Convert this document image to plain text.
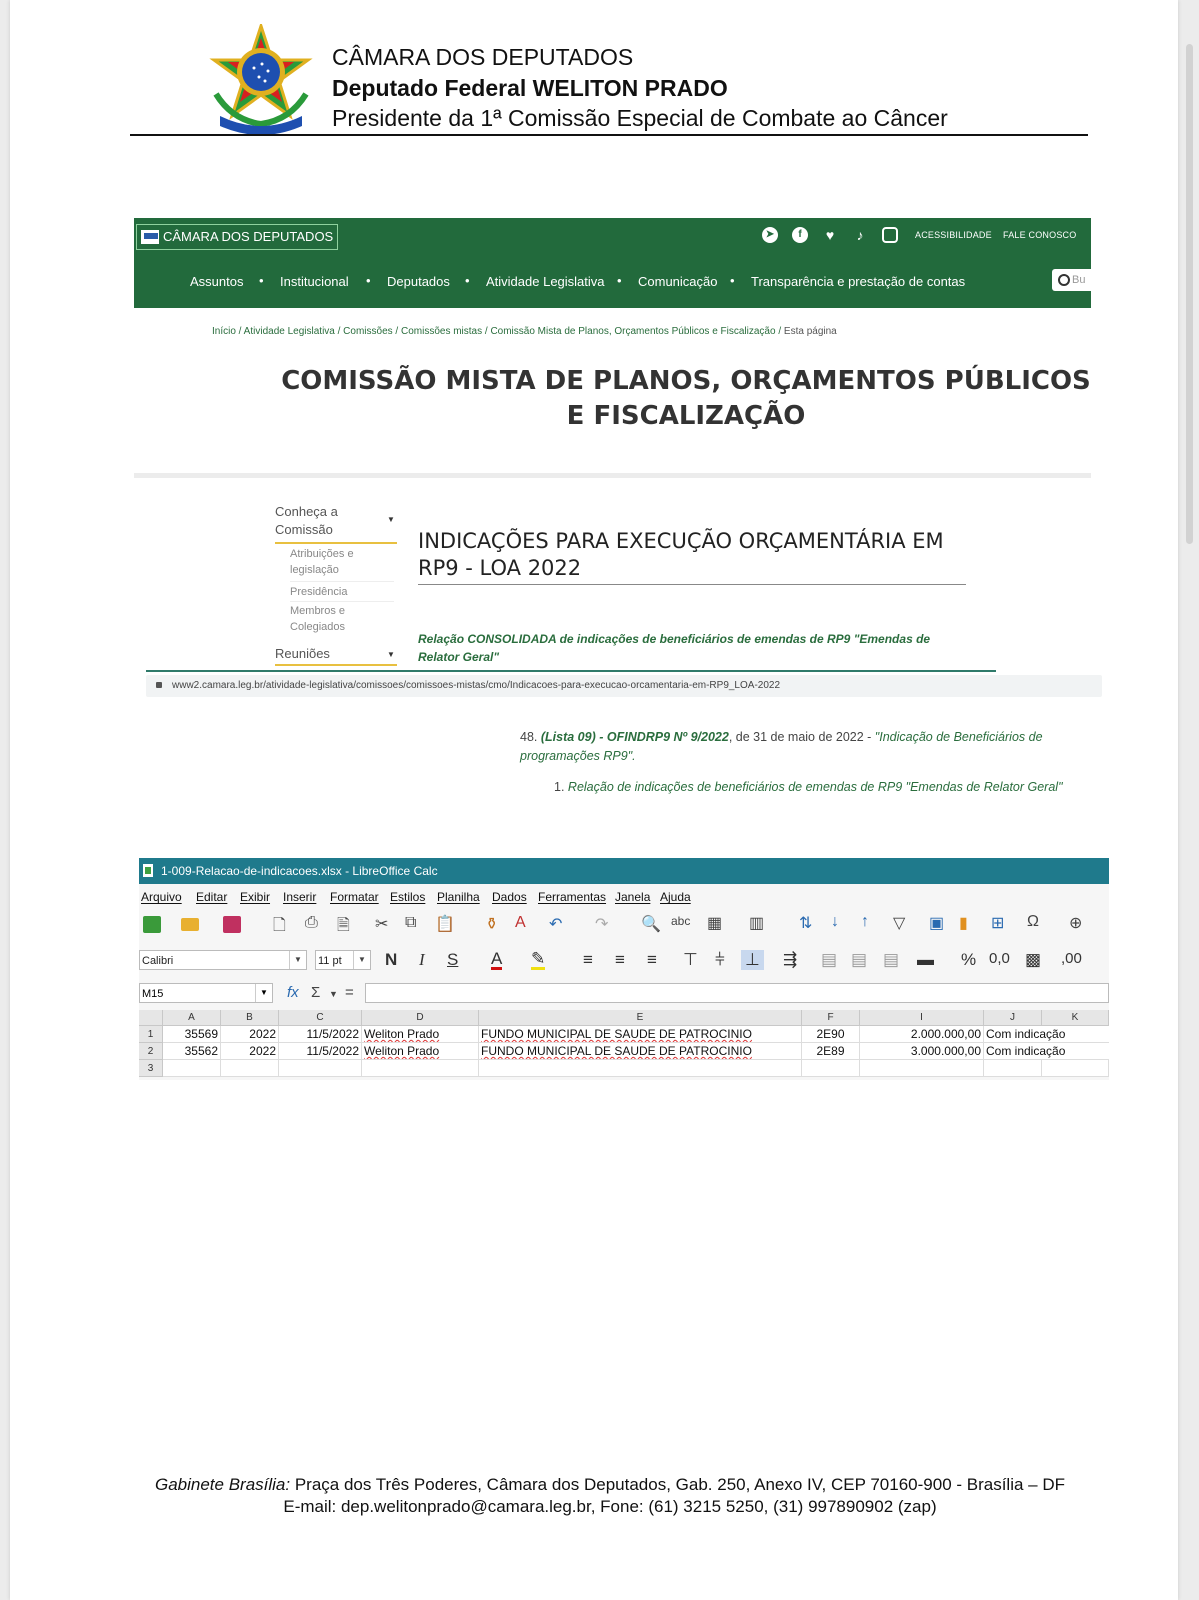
CÂMARA DOS DEPUTADOS
Deputado Federal WELITON PRADO
Presidente da 1ª Comissão Especial de Combate ao Câncer
CÂMARA DOS DEPUTADOS	➤	f	♥	♪	ACESSIBILIDADE FALE CONOSCO
Assuntos • Institucional • Deputados • Atividade Legislativa • Comunicação • Transparência e prestação de contas	Bu
Início / Atividade Legislativa / Comissões / Comissões mistas / Comissão Mista de Planos, Orçamentos Públicos e Fiscalização / Esta página
COMISSÃO MISTA DE PLANOS, ORÇAMENTOS PÚBLICOS E FISCALIZAÇÃO
Conheça a Comissão
▼
Atribuições e legislação
Presidência
Membros e Colegiados
Reuniões	▼
INDICAÇÕES PARA EXECUÇÃO ORÇAMENTÁRIA EM RP9 - LOA 2022
Relação CONSOLIDADA de indicações de beneficiários de emendas de RP9 "Emendas de Relator Geral"
www2.camara.leg.br/atividade-legislativa/comissoes/comissoes-mistas/cmo/Indicacoes-para-execucao-orcamentaria-em-RP9_LOA-2022
48. (Lista 09) - OFINDRP9 Nº 9/2022, de 31 de maio de 2022 - "Indicação de Beneficiários de programações RP9".
1. Relação de indicações de beneficiários de emendas de RP9 "Emendas de Relator Geral"
1-009-Relacao-de-indicacoes.xlsx - LibreOffice Calc
Arquivo Editar Exibir Inserir Formatar Estilos Planilha Dados Ferramentas Janela Ajuda
🗋 ⎙ 🗎 ✂ ⧉ 📋 ⚱ A ↶ ↷ 🔍 abc ▦ ▥ ⇅ ↓ ↑ ▽ ▣ ▮ ⊞ Ω ⊕
Calibri	▼	11 pt	▼ N I S A ✎ ≡ ≡ ≡ ⊤ ⫩ ⊥ ⇶ ▤ ▤ ▤ ▬ % 0,0 ▩ ,00
M15	▼ fx Σ ▼ =
A	B	C	D	E	F	I	J	K
1	35569	2022	11/5/2022 Weliton Prado	FUNDO MUNICIPAL DE SAUDE DE PATROCINIO	2E90	2.000.000,00 Com indicação
2	35562	2022	11/5/2022 Weliton Prado	FUNDO MUNICIPAL DE SAUDE DE PATROCINIO	2E89	3.000.000,00 Com indicação
3
Gabinete Brasília: Praça dos Três Poderes, Câmara dos Deputados, Gab. 250, Anexo IV, CEP 70160-900 - Brasília – DF
E-mail: dep.welitonprado@camara.leg.br, Fone: (61) 3215 5250, (31) 997890902 (zap)
